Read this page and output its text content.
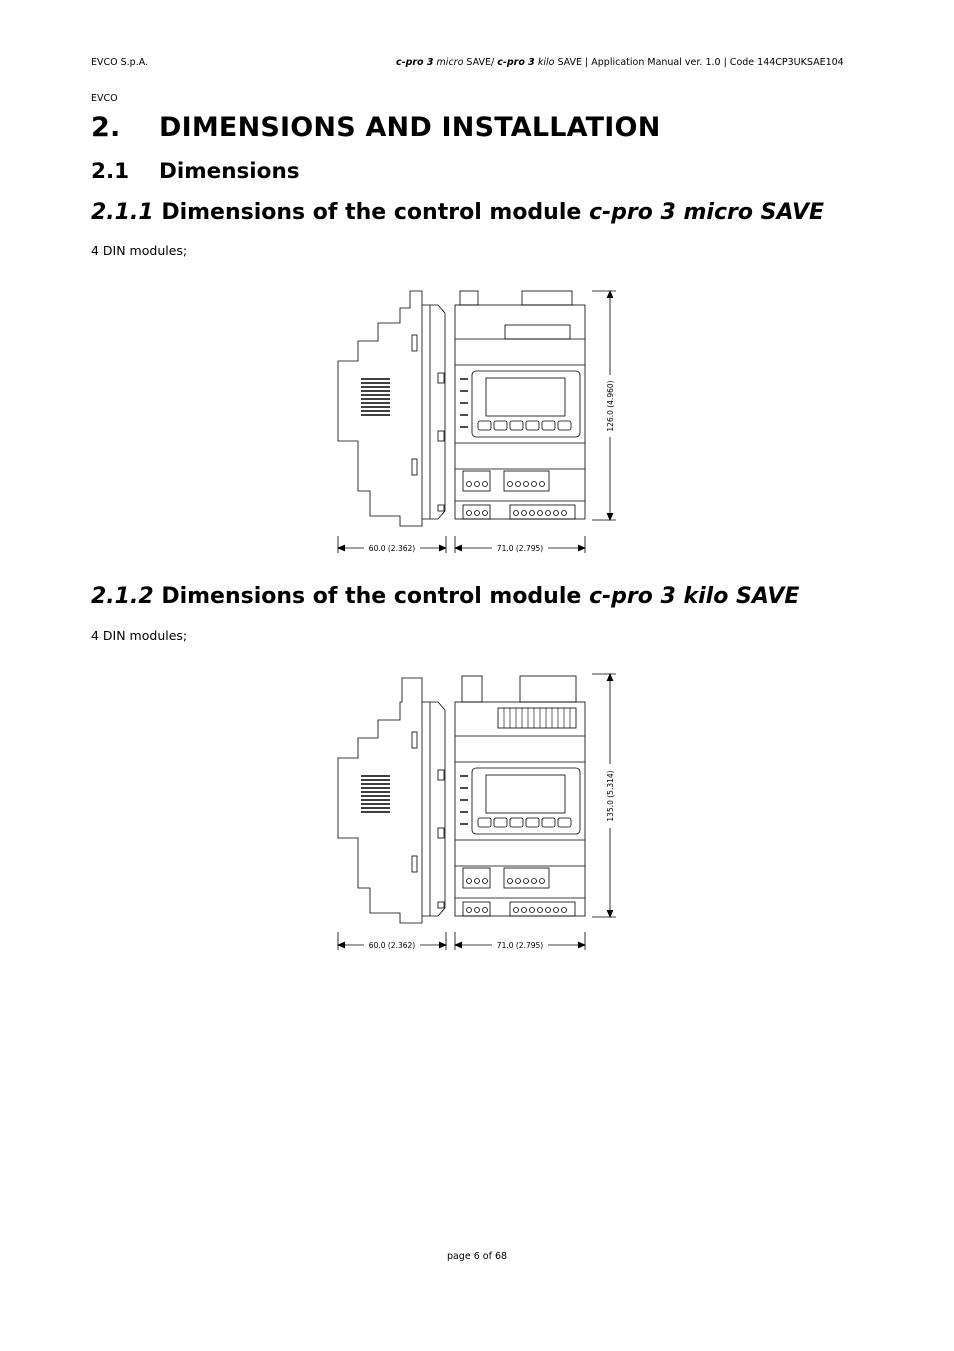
EVCO S.p.A.	c-pro 3 micro SAVE/ c-pro 3 kilo SAVE | Application Manual ver. 1.0 | Code 144CP3UKSAE104
EVCO
2. DIMENSIONS AND INSTALLATION
2.1 Dimensions
2.1.1 Dimensions of the control module c-pro 3 micro SAVE
4 DIN modules;
126.0 (4.960)
60.0 (2.362)	71.0 (2.795)
2.1.2 Dimensions of the control module c-pro 3 kilo SAVE
4 DIN modules;
135.0 (5.314)
60.0 (2.362)	71.0 (2.795)
page 6 of 68
